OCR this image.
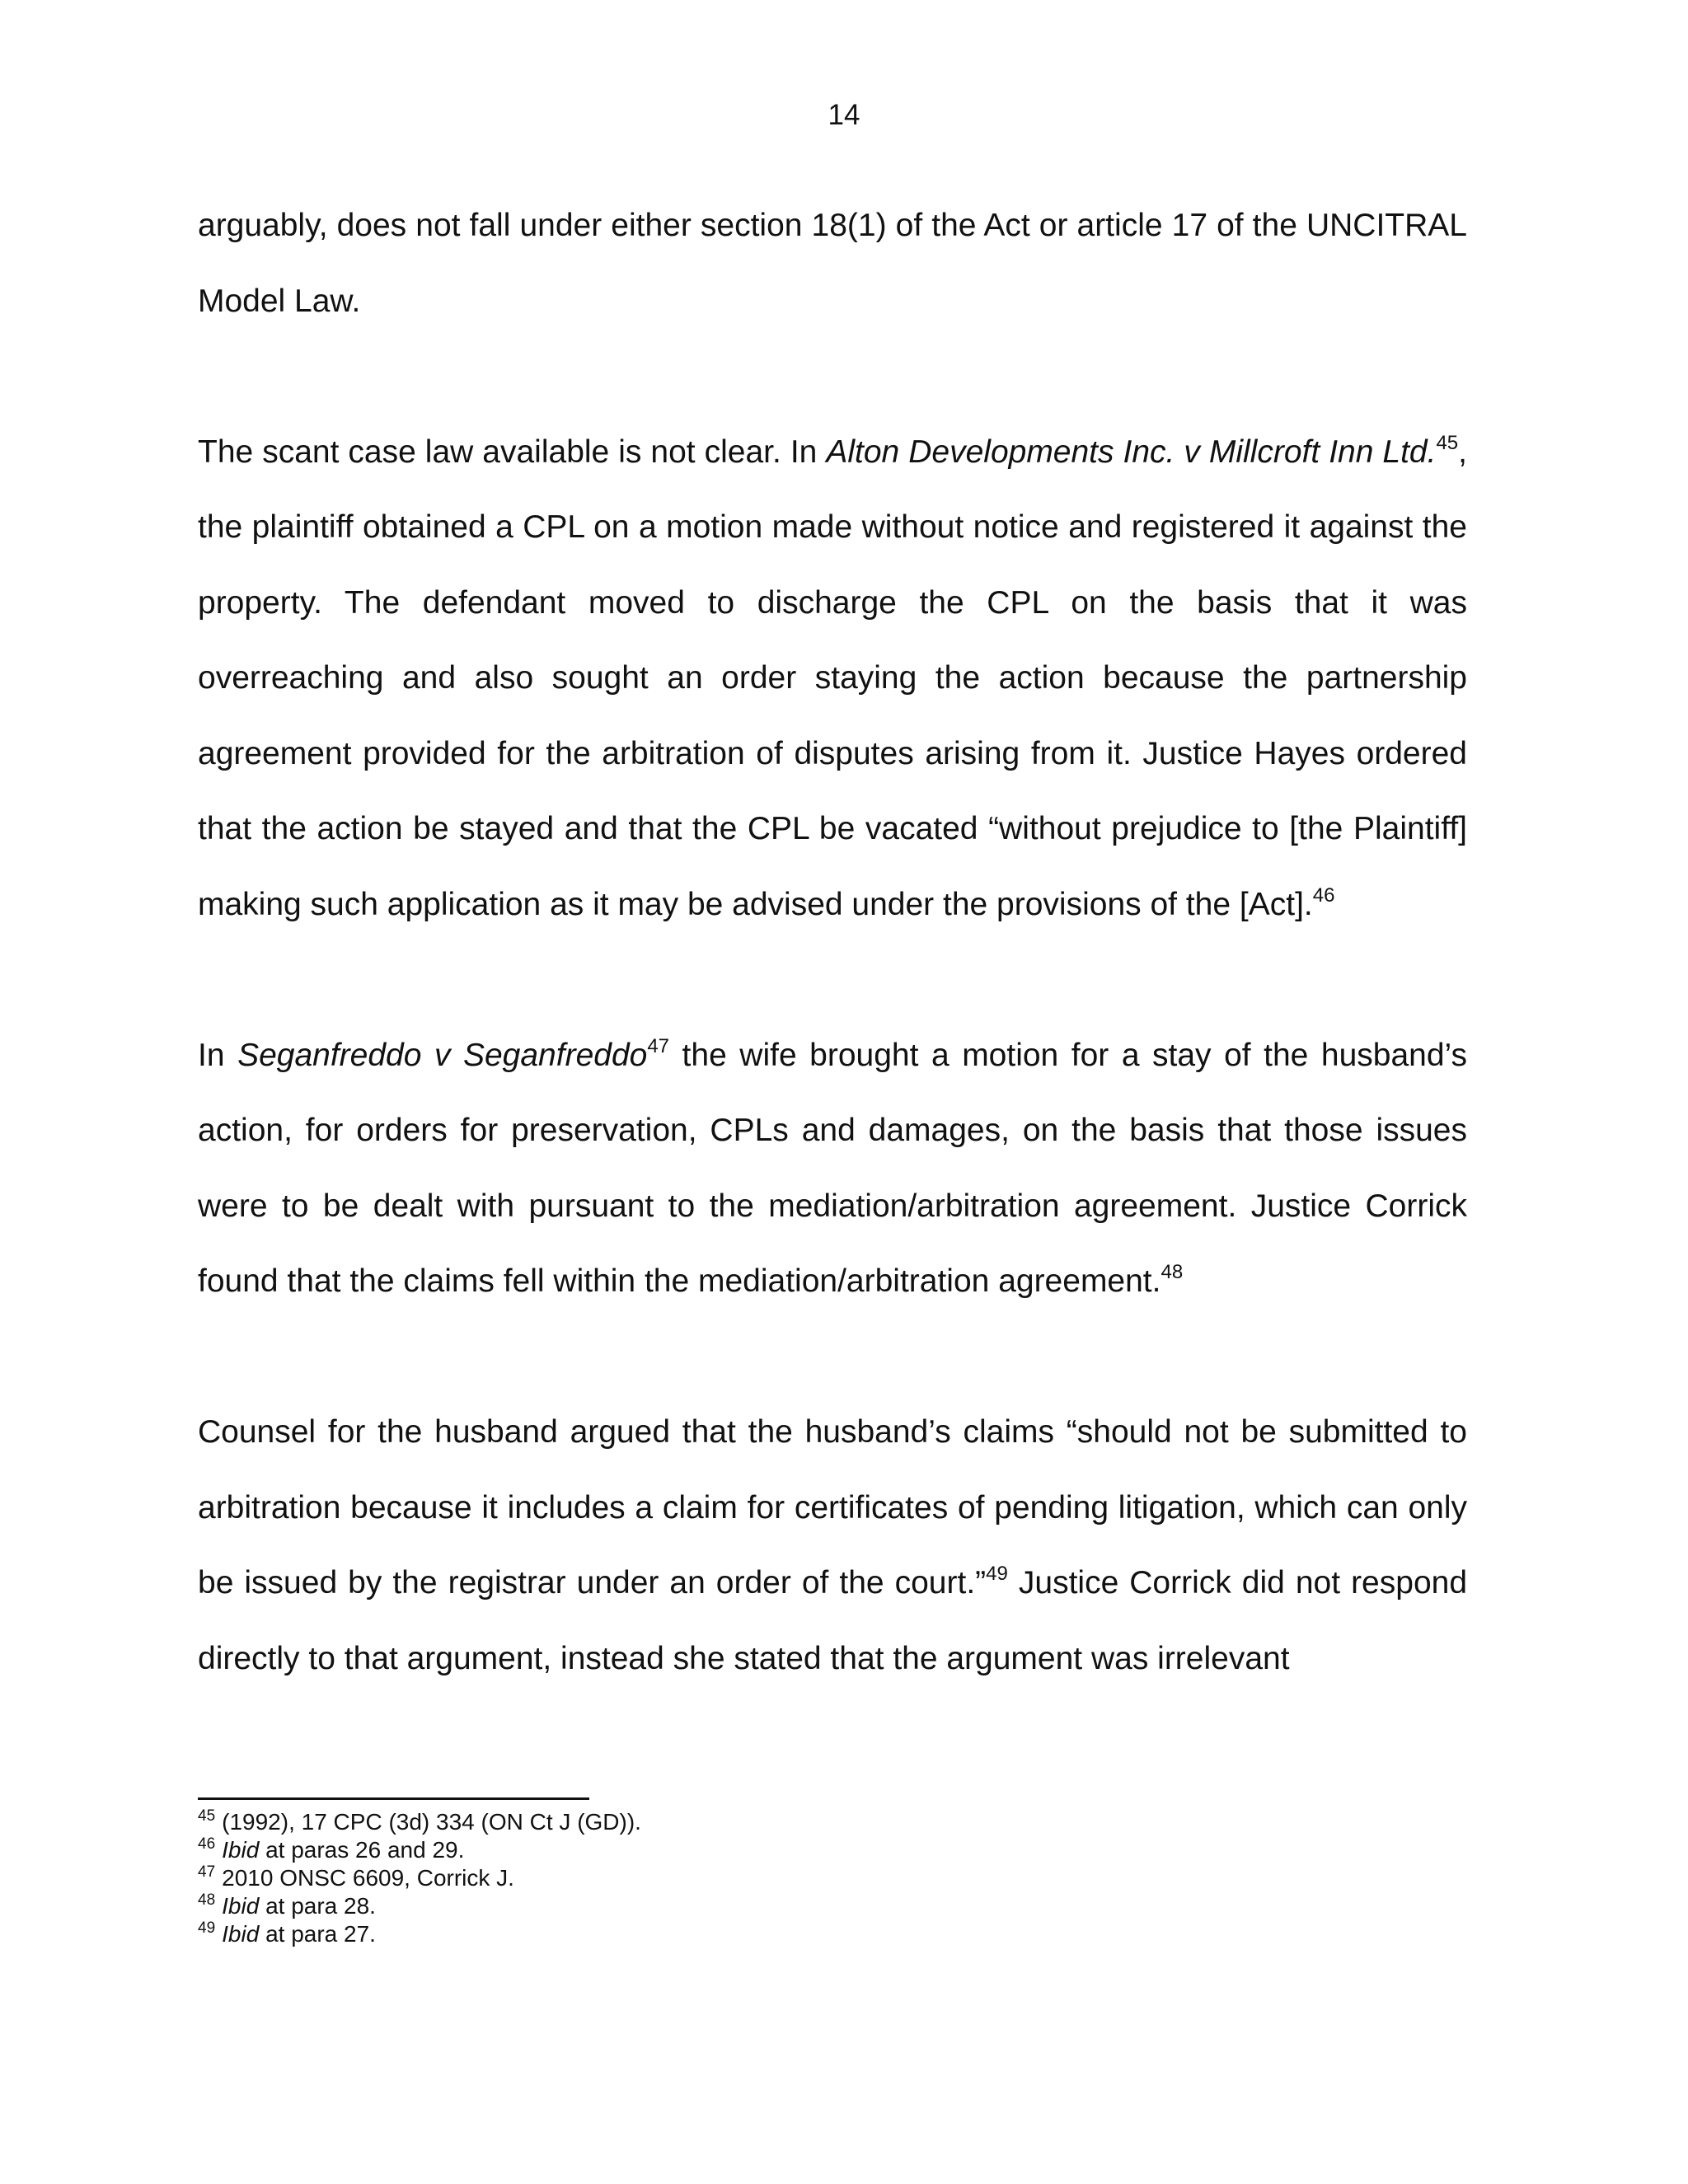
14

arguably, does not fall under either section 18(1) of the Act or article 17 of the UNCITRAL Model Law.

The scant case law available is not clear. In Alton Developments Inc. v Millcroft Inn Ltd.$^{45}$, the plaintiff obtained a CPL on a motion made without notice and registered it against the property. The defendant moved to discharge the CPL on the basis that it was overreaching and also sought an order staying the action because the partnership agreement provided for the arbitration of disputes arising from it. Justice Hayes ordered that the action be stayed and that the CPL be vacated “without prejudice to [the Plaintiff] making such application as it may be advised under the provisions of the [Act].$^{46}$

In Seganfreddo v Seganfreddo$^{47}$ the wife brought a motion for a stay of the husband’s action, for orders for preservation, CPLs and damages, on the basis that those issues were to be dealt with pursuant to the mediation/arbitration agreement. Justice Corrick found that the claims fell within the mediation/arbitration agreement.$^{48}$

Counsel for the husband argued that the husband’s claims “should not be submitted to arbitration because it includes a claim for certificates of pending litigation, which can only be issued by the registrar under an order of the court.”$^{49}$ Justice Corrick did not respond directly to that argument, instead she stated that the argument was irrelevant

$^{45}$ (1992), 17 CPC (3d) 334 (ON Ct J (GD)).
$^{46}$ Ibid at paras 26 and 29.
$^{47}$ 2010 ONSC 6609, Corrick J.
$^{48}$ Ibid at para 28.
$^{49}$ Ibid at para 27.
